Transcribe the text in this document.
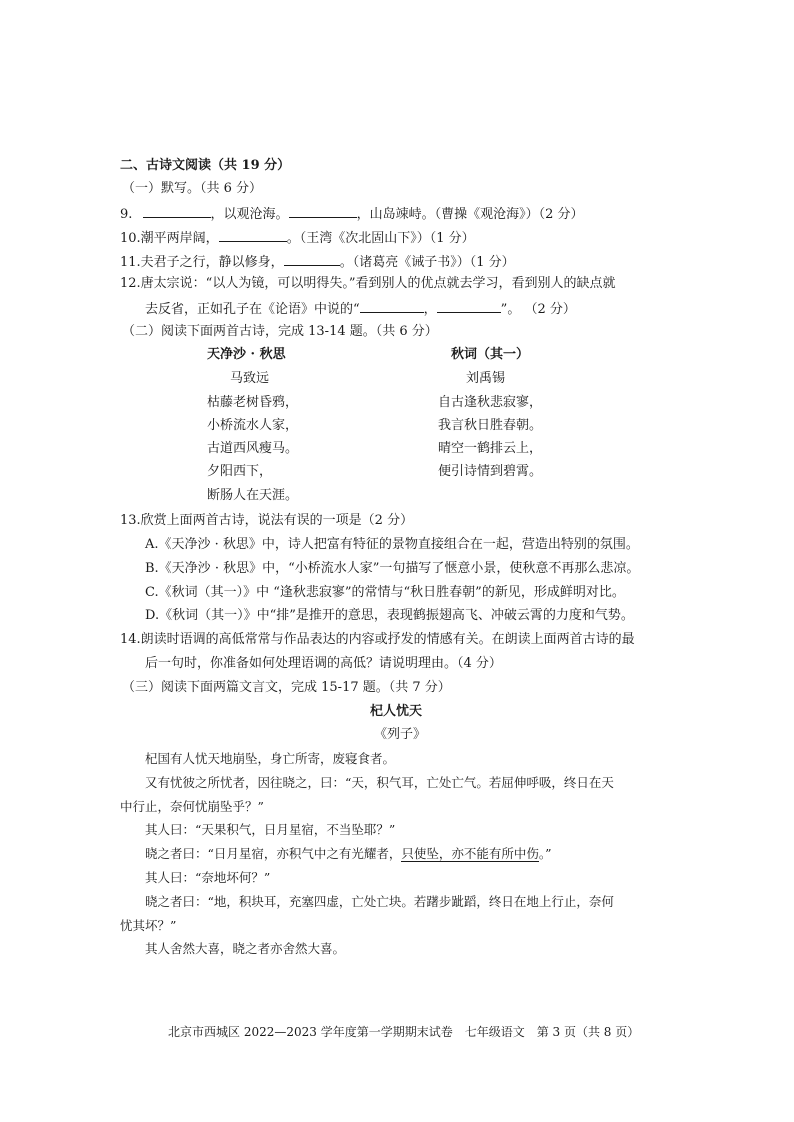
二、古诗文阅读（共 19 分）
（一）默写。（共 6 分）
9.	，以观沧海。	，山岛竦峙。（曹操《观沧海》）（2 分）
10.潮平两岸阔，	。（王湾《次北固山下》）（1 分）
11.夫君子之行，静以修身，	。（诸葛亮《诫子书》）（1 分）
12.唐太宗说：“以人为镜，可以明得失。”看到别人的优点就去学习，看到别人的缺点就
去反省，正如孔子在《论语》中说的“	，	”。 （2 分）
（二）阅读下面两首古诗，完成 13-14 题。（共 6 分）
天净沙 · 秋思
马致远
枯藤老树昏鸦，
小桥流水人家，
古道西风瘦马。
夕阳西下，
断肠人在天涯。
秋词（其一）
刘禹锡
自古逢秋悲寂寥，
我言秋日胜春朝。
晴空一鹤排云上，
便引诗情到碧霄。
13.欣赏上面两首古诗，说法有误的一项是（2 分）
A.《天净沙 · 秋思》中，诗人把富有特征的景物直接组合在一起，营造出特别的氛围。
B.《天净沙 · 秋思》中，“小桥流水人家”一句描写了惬意小景，使秋意不再那么悲凉。
C.《秋词（其一）》中 “逢秋悲寂寥”的常情与“秋日胜春朝”的新见，形成鲜明对比。
D.《秋词（其一）》中“排”是推开的意思，表现鹤振翅高飞、冲破云霄的力度和气势。
14.朗读时语调的高低常常与作品表达的内容或抒发的情感有关。在朗读上面两首古诗的最
后一句时，你准备如何处理语调的高低？请说明理由。（4 分）
（三）阅读下面两篇文言文，完成 15-17 题。（共 7 分）
杞人忧天
《列子》
杞国有人忧天地崩坠，身亡所寄，废寝食者。
又有忧彼之所忧者，因往晓之，曰：“天，积气耳，亡处亡气。若屈伸呼吸，终日在天
中行止，奈何忧崩坠乎？”
其人曰：“天果积气，日月星宿，不当坠耶？”
晓之者曰：“日月星宿，亦积气中之有光耀者，只使坠，亦不能有所中伤。”
其人曰：“奈地坏何？”
晓之者曰：“地，积块耳，充塞四虚，亡处亡块。若躇步跐蹈，终日在地上行止，奈何
忧其坏？”
其人舍然大喜，晓之者亦舍然大喜。
北京市西城区 2022—2023 学年度第一学期期末试卷　七年级语文　第 3 页（共 8 页）
